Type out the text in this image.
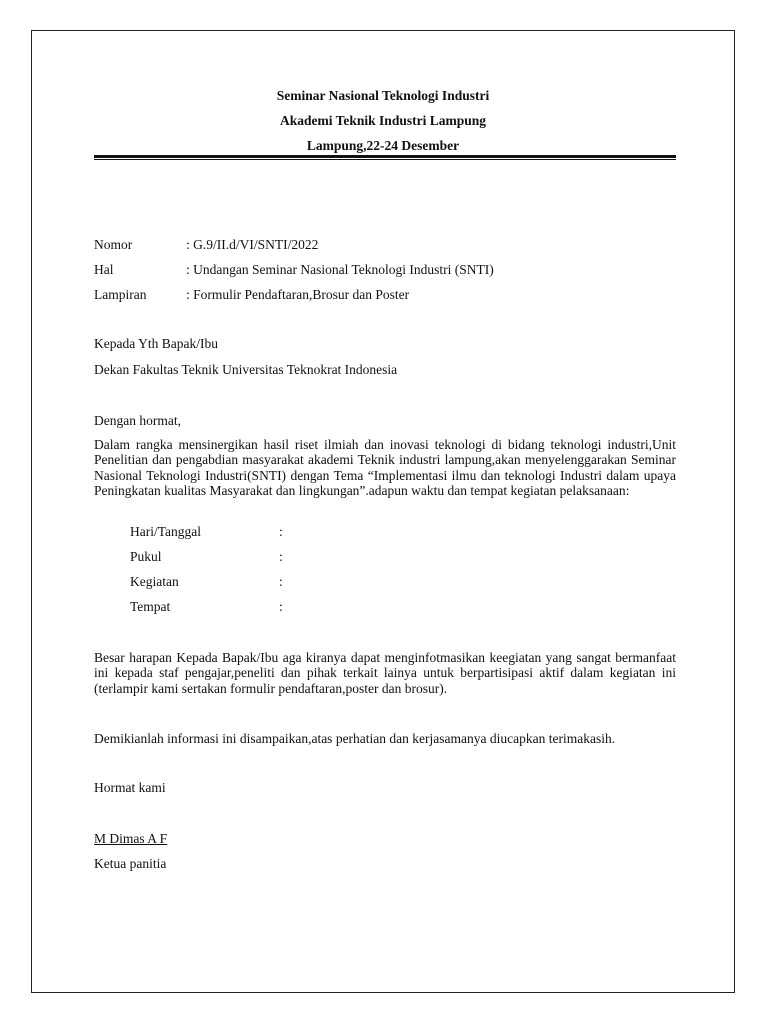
Seminar Nasional Teknologi Industri
Akademi Teknik Industri Lampung
Lampung,22-24 Desember
Nomor	: G.9/II.d/VI/SNTI/2022
Hal	: Undangan Seminar Nasional Teknologi Industri (SNTI)
Lampiran	: Formulir Pendaftaran,Brosur dan Poster
Kepada Yth Bapak/Ibu
Dekan Fakultas Teknik Universitas Teknokrat Indonesia
Dengan hormat,
Dalam rangka mensinergikan hasil riset ilmiah dan inovasi teknologi di bidang teknologi industri,Unit Penelitian dan pengabdian masyarakat akademi Teknik industri lampung,akan menyelenggarakan Seminar Nasional Teknologi Industri(SNTI) dengan Tema “Implementasi ilmu dan teknologi Industri dalam upaya Peningkatan kualitas Masyarakat dan lingkungan”.adapun waktu dan tempat kegiatan pelaksanaan:
Hari/Tanggal	:
Pukul	:
Kegiatan	:
Tempat	:
Besar harapan Kepada Bapak/Ibu aga kiranya dapat menginfotmasikan keegiatan yang sangat bermanfaat ini kepada staf pengajar,peneliti dan pihak terkait lainya untuk berpartisipasi aktif dalam kegiatan ini (terlampir kami sertakan formulir pendaftaran,poster dan brosur).
Demikianlah informasi ini disampaikan,atas perhatian dan kerjasamanya diucapkan terimakasih.
Hormat kami
M Dimas A F
Ketua panitia
